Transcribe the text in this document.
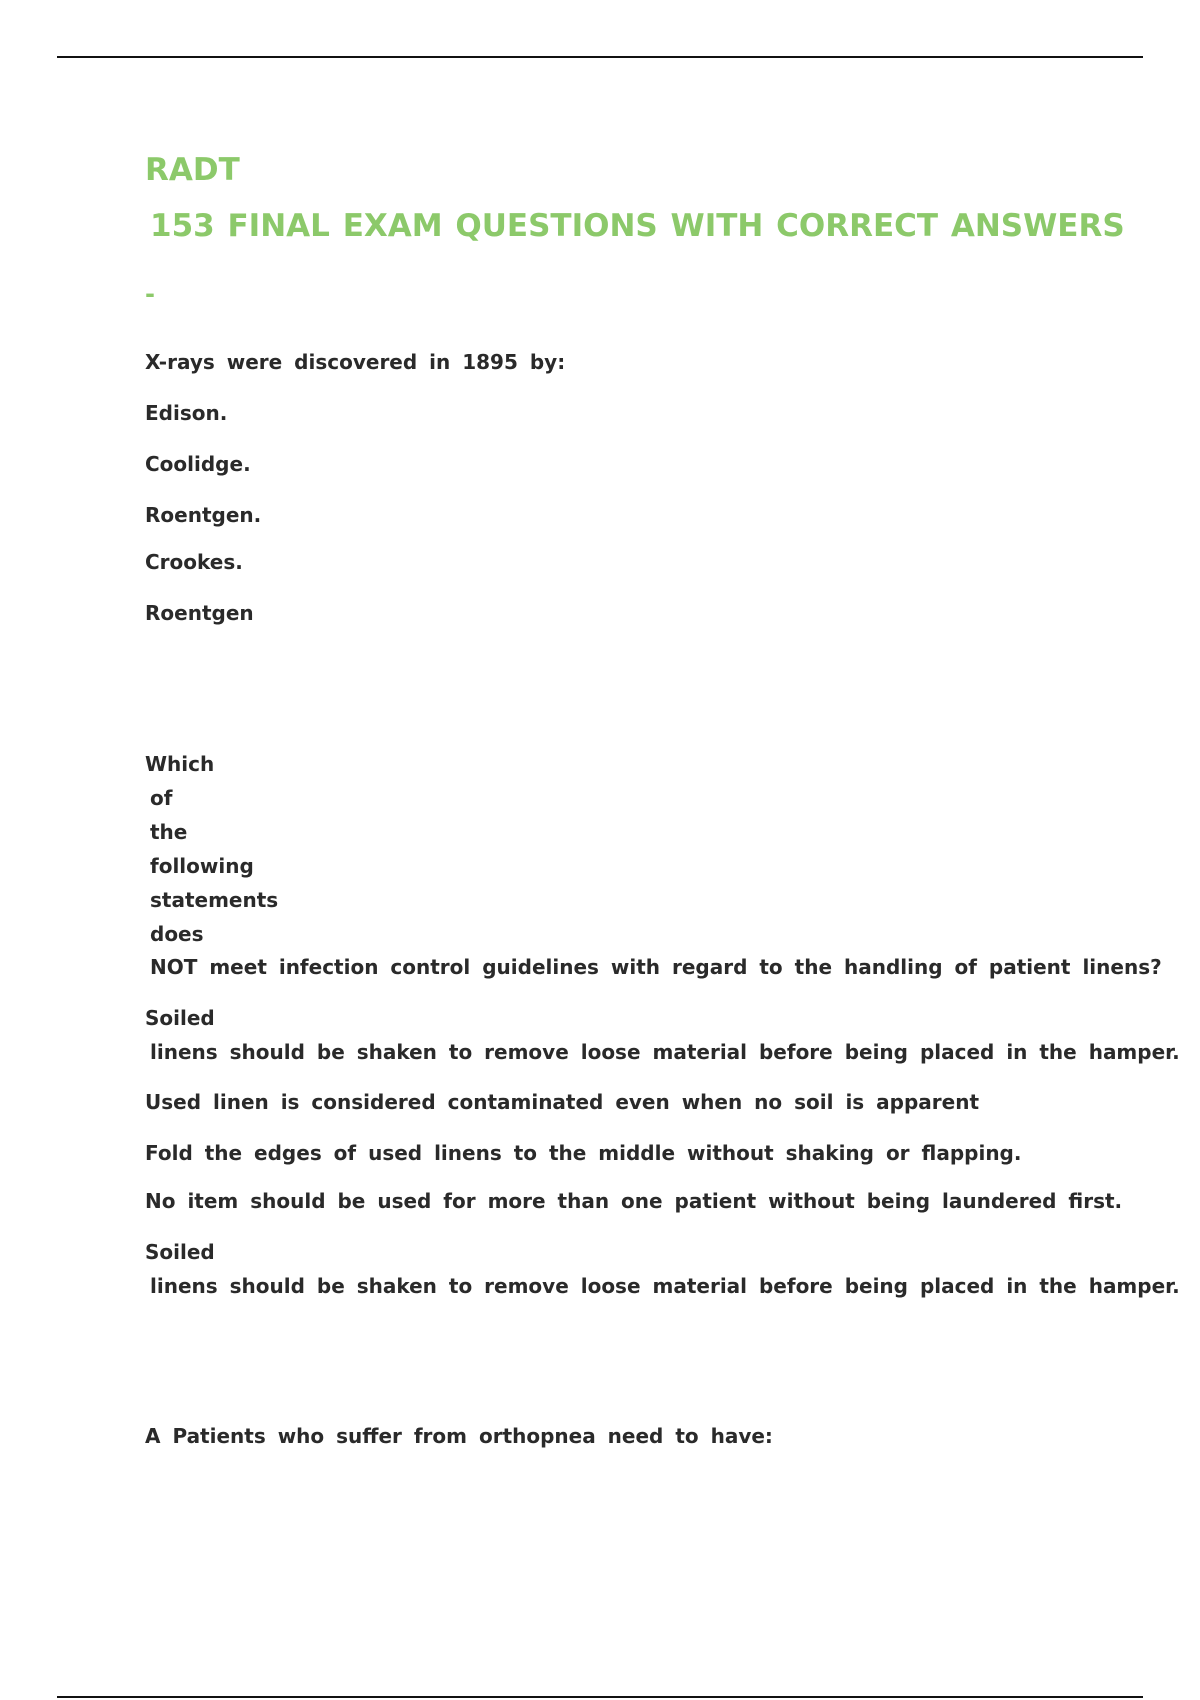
RADT
153 FINAL EXAM QUESTIONS WITH CORRECT ANSWERS
-
X-rays were discovered in 1895 by:
Edison.
Coolidge.
Roentgen.
Crookes.
Roentgen
Which
of
the
following
statements
does
NOT meet infection control guidelines with regard to the handling of patient linens?
Soiled
linens should be shaken to remove loose material before being placed in the hamper.
Used linen is considered contaminated even when no soil is apparent
Fold the edges of used linens to the middle without shaking or flapping.
No item should be used for more than one patient without being laundered first.
Soiled
linens should be shaken to remove loose material before being placed in the hamper.
A Patients who suffer from orthopnea need to have:
